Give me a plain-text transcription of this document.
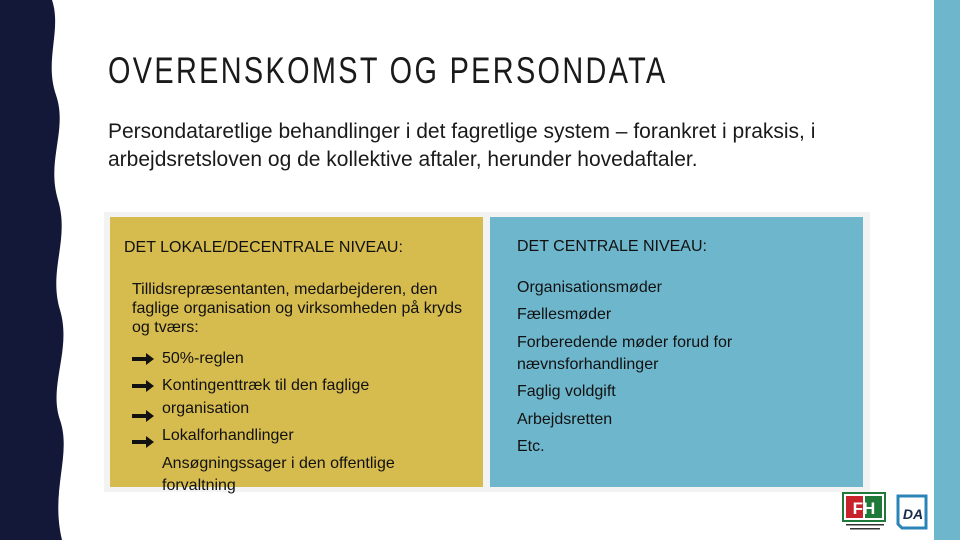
OVERENSKOMST OG PERSONDATA
Persondataretlige behandlinger i det fagretlige system – forankret i praksis, i arbejdsretsloven og de kollektive aftaler, herunder hovedaftaler.
DET LOKALE/DECENTRALE NIVEAU:
Tillidsrepræsentanten, medarbejderen, den faglige organisation og virksomheden på kryds og tværs:
50%-reglen
Kontingenttræk til den faglige
organisation
Lokalforhandlinger
Ansøgningssager i den offentlige
forvaltning
DET CENTRALE NIVEAU:
Organisationsmøder
Fællesmøder
Forberedende møder forud for
nævnsforhandlinger
Faglig voldgift
Arbejdsretten
Etc.
FH DA
